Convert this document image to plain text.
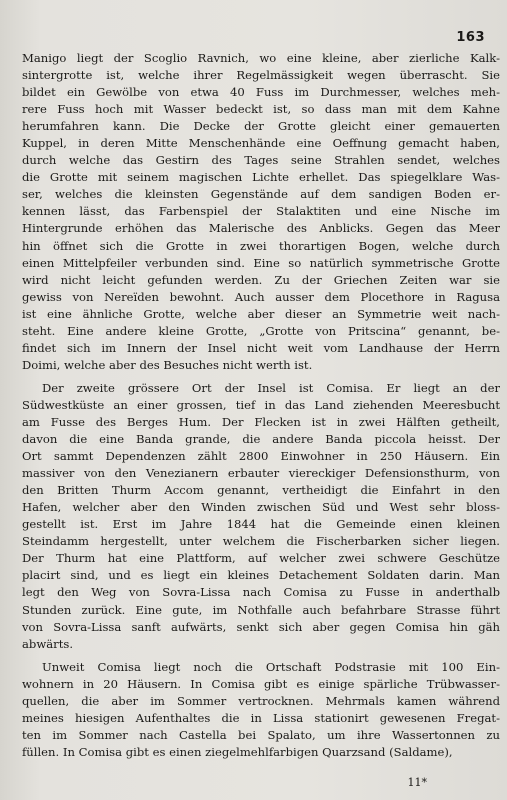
163
Manigo liegt der Scoglio Ravnich, wo eine kleine, aber zierliche Kalk-
sintergrotte ist, welche ihrer Regelmässigkeit wegen überrascht. Sie
bildet ein Gewölbe von etwa 40 Fuss im Durchmesser, welches meh-
rere Fuss hoch mit Wasser bedeckt ist, so dass man mit dem Kahne
herumfahren kann. Die Decke der Grotte gleicht einer gemauerten
Kuppel, in deren Mitte Menschenhände eine Oeffnung gemacht haben,
durch welche das Gestirn des Tages seine Strahlen sendet, welches
die Grotte mit seinem magischen Lichte erhellet. Das spiegelklare Was-
ser, welches die kleinsten Gegenstände auf dem sandigen Boden er-
kennen lässt, das Farbenspiel der Stalaktiten und eine Nische im
Hintergrunde erhöhen das Malerische des Anblicks. Gegen das Meer
hin öffnet sich die Grotte in zwei thorartigen Bogen, welche durch
einen Mittelpfeiler verbunden sind. Eine so natürlich symmetrische Grotte
wird nicht leicht gefunden werden. Zu der Griechen Zeiten war sie
gewiss von Nereïden bewohnt. Auch ausser dem Plocethore in Ragusa
ist eine ähnliche Grotte, welche aber dieser an Symmetrie weit nach-
steht. Eine andere kleine Grotte, „Grotte von Pritscina“ genannt, be-
findet sich im Innern der Insel nicht weit vom Landhause der Herrn
Doimi, welche aber des Besuches nicht werth ist.
Der zweite grössere Ort der Insel ist Comisa. Er liegt an der
Südwestküste an einer grossen, tief in das Land ziehenden Meeresbucht
am Fusse des Berges Hum. Der Flecken ist in zwei Hälften getheilt,
davon die eine Banda grande, die andere Banda piccola heisst. Der
Ort sammt Dependenzen zählt 2800 Einwohner in 250 Häusern. Ein
massiver von den Venezianern erbauter viereckiger Defensionsthurm, von
den Britten Thurm Accom genannt, vertheidigt die Einfahrt in den
Hafen, welcher aber den Winden zwischen Süd und West sehr bloss-
gestellt ist. Erst im Jahre 1844 hat die Gemeinde einen kleinen
Steindamm hergestellt, unter welchem die Fischerbarken sicher liegen.
Der Thurm hat eine Plattform, auf welcher zwei schwere Geschütze
placirt sind, und es liegt ein kleines Detachement Soldaten darin. Man
legt den Weg von Sovra-Lissa nach Comisa zu Fusse in anderthalb
Stunden zurück. Eine gute, im Nothfalle auch befahrbare Strasse führt
von Sovra-Lissa sanft aufwärts, senkt sich aber gegen Comisa hin gäh
abwärts.
Unweit Comisa liegt noch die Ortschaft Podstrasie mit 100 Ein-
wohnern in 20 Häusern. In Comisa gibt es einige spärliche Trübwasser-
quellen, die aber im Sommer vertrocknen. Mehrmals kamen während
meines hiesigen Aufenthaltes die in Lissa stationirt gewesenen Fregat-
ten im Sommer nach Castella bei Spalato, um ihre Wassertonnen zu
füllen. In Comisa gibt es einen ziegelmehlfarbigen Quarzsand (Saldame),
11*
